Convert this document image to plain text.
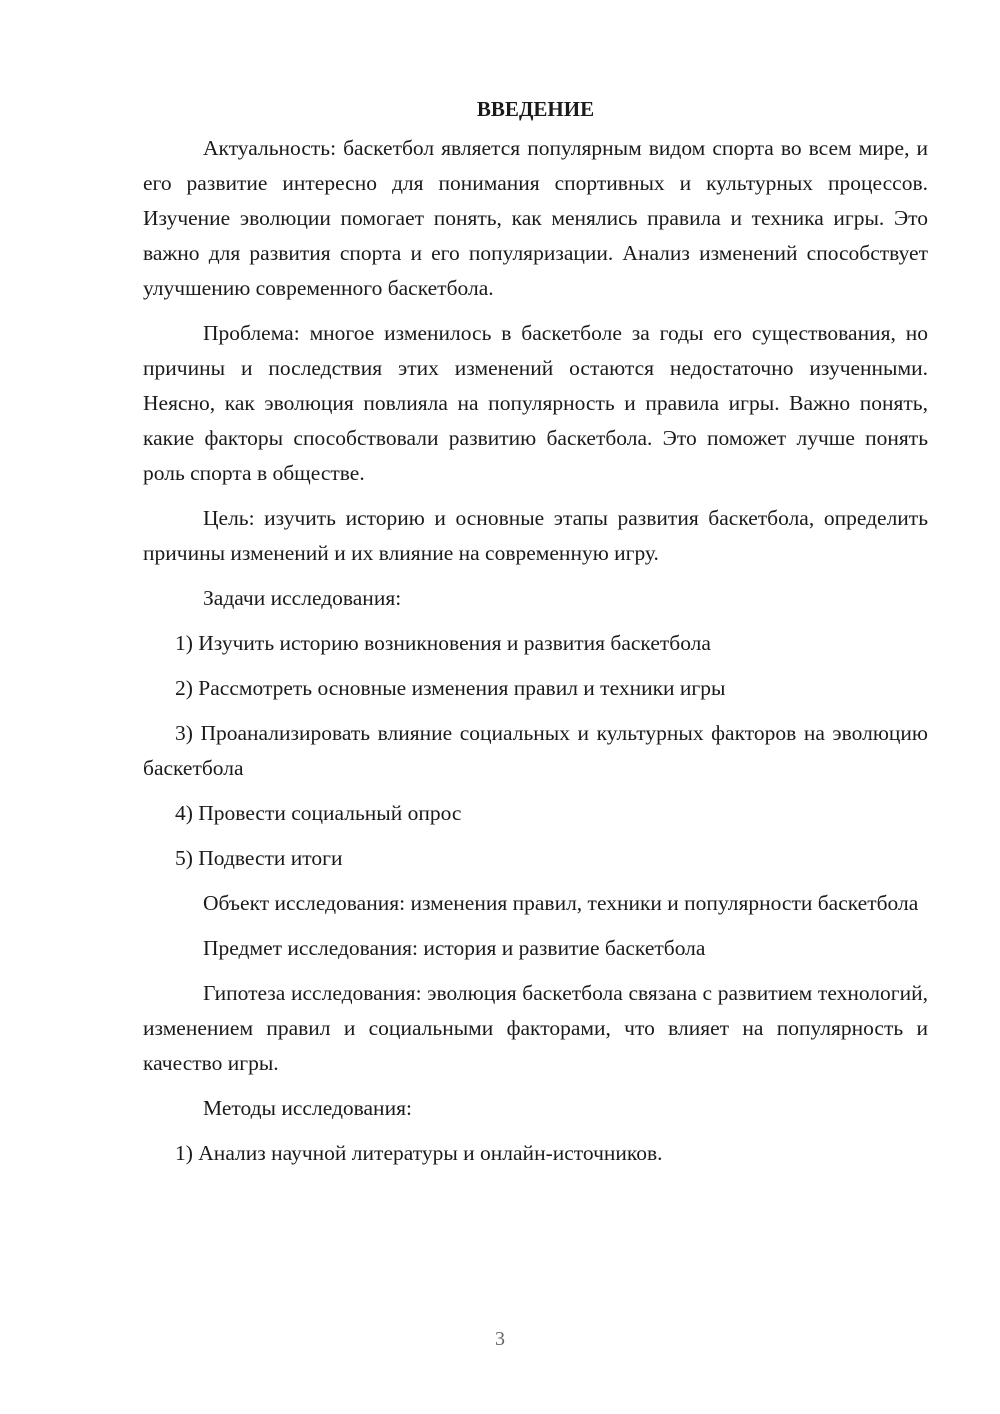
ВВЕДЕНИЕ

Актуальность: баскетбол является популярным видом спорта во всем мире, и его развитие интересно для понимания спортивных и культурных процессов. Изучение эволюции помогает понять, как менялись правила и техника игры. Это важно для развития спорта и его популяризации. Анализ изменений способствует улучшению современного баскетбола.

Проблема: многое изменилось в баскетболе за годы его существования, но причины и последствия этих изменений остаются недостаточно изученными. Неясно, как эволюция повлияла на популярность и правила игры. Важно понять, какие факторы способствовали развитию баскетбола. Это поможет лучше понять роль спорта в обществе.

Цель: изучить историю и основные этапы развития баскетбола, определить причины изменений и их влияние на современную игру.

Задачи исследования:

1) Изучить историю возникновения и развития баскетбола

2) Рассмотреть основные изменения правил и техники игры

3) Проанализировать влияние социальных и культурных факторов на эволюцию баскетбола

4) Провести социальный опрос

5) Подвести итоги

Объект исследования: изменения правил, техники и популярности баскетбола

Предмет исследования: история и развитие баскетбола

Гипотеза исследования: эволюция баскетбола связана с развитием технологий, изменением правил и социальными факторами, что влияет на популярность и качество игры.

Методы исследования:

1) Анализ научной литературы и онлайн-источников.

3
